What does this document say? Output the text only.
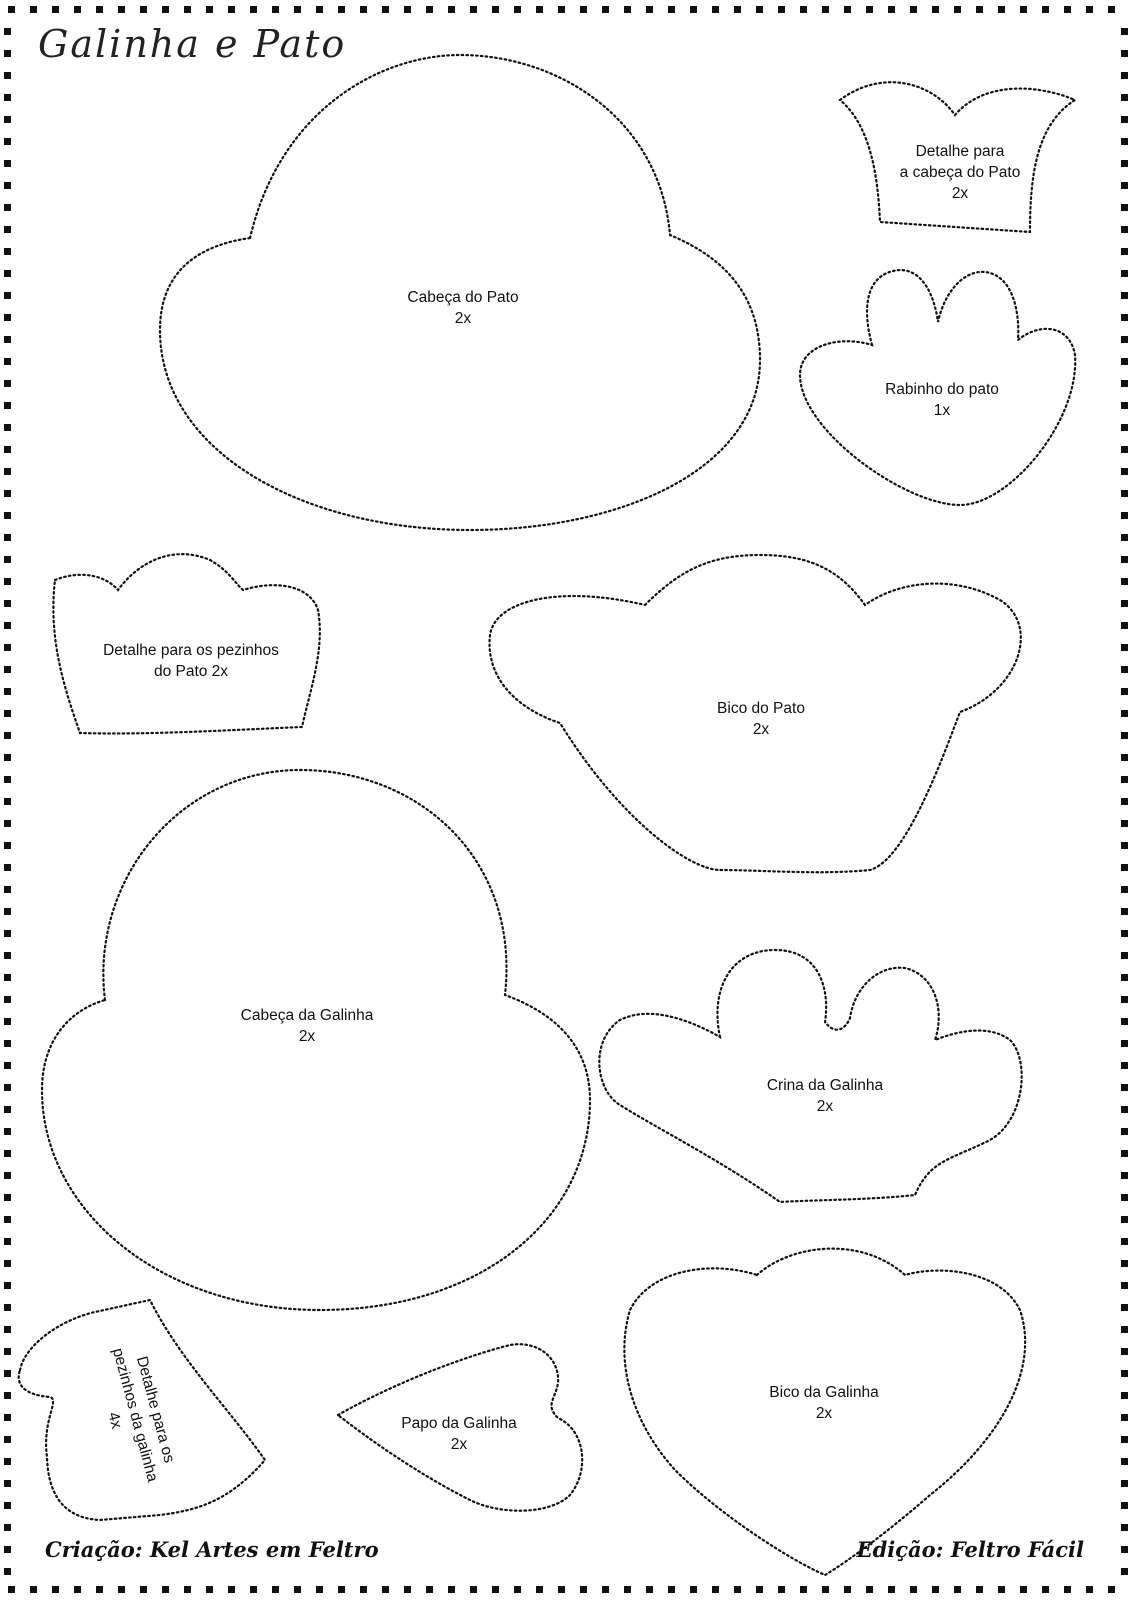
Galinha e Pato
Cabeça do Pato
2x
Detalhe para
a cabeça do Pato
2x
Rabinho do pato
1x
Detalhe para os pezinhos
do Pato 2x
Bico do Pato
2x
Cabeça da Galinha
2x
Crina da Galinha
2x
Detalhe para os
pezinhos da galinha
4x	Papo da Galinha
2x
Bico da Galinha
2x
Criação: Kel Artes em Feltro	Edição: Feltro Fácil
